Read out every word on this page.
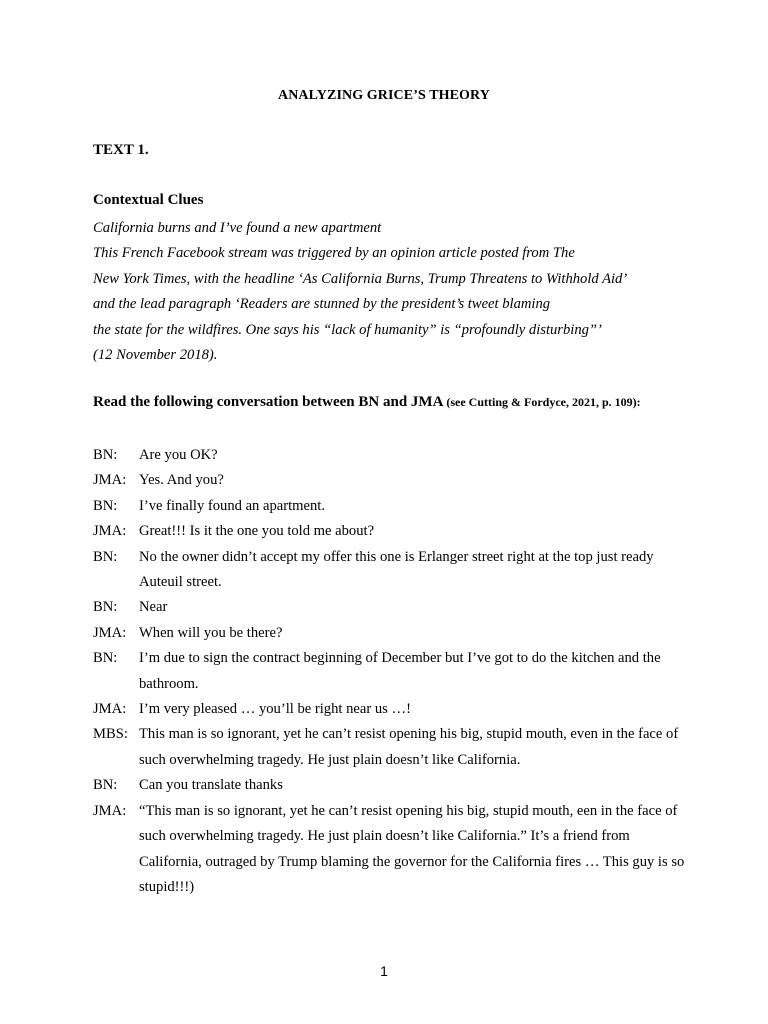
ANALYZING GRICE’S THEORY
TEXT 1.
Contextual Clues
California burns and I’ve found a new apartment
This French Facebook stream was triggered by an opinion article posted from The
New York Times, with the headline ‘As California Burns, Trump Threatens to Withhold Aid’
and the lead paragraph ‘Readers are stunned by the president’s tweet blaming
the state for the wildfires. One says his “lack of humanity” is “profoundly disturbing”’
(12 November 2018).
Read the following conversation between BN and JMA (see Cutting & Fordyce, 2021, p. 109):
BN:	Are you OK?
JMA: Yes. And you?
BN:	I’ve finally found an apartment.
JMA: Great!!! Is it the one you told me about?
BN:	No the owner didn’t accept my offer this one is Erlanger street right at the top just ready Auteuil street.
BN:	Near
JMA: When will you be there?
BN:	I’m due to sign the contract beginning of December but I’ve got to do the kitchen and the bathroom.
JMA: I’m very pleased … you’ll be right near us …!
MBS: This man is so ignorant, yet he can’t resist opening his big, stupid mouth, even in the face of such overwhelming tragedy. He just plain doesn’t like California.
BN:	Can you translate thanks
JMA: “This man is so ignorant, yet he can’t resist opening his big, stupid mouth, een in the face of such overwhelming tragedy. He just plain doesn’t like California.” It’s a friend from California, outraged by Trump blaming the governor for the California fires … This guy is so stupid!!!)
1
